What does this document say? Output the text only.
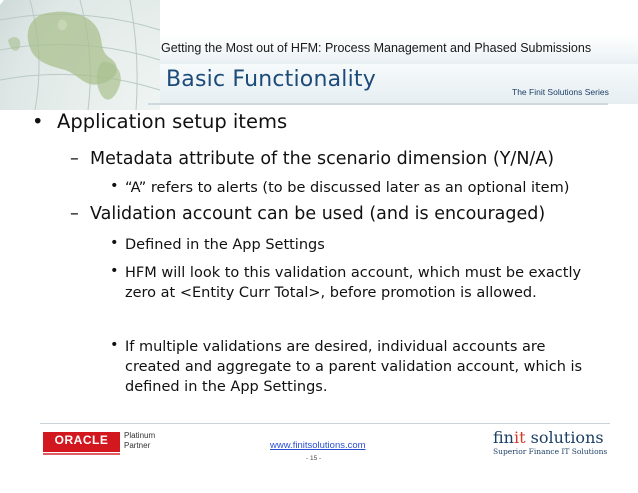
Getting the Most out of HFM: Process Management and Phased Submissions
Basic Functionality	The Finit Solutions Series
• Application setup items
– Metadata attribute of the scenario dimension (Y/N/A)
• “A” refers to alerts (to be discussed later as an optional item)
– Validation account can be used (and is encouraged)
• Defined in the App Settings
• HFM will look to this validation account, which must be exactly zero at <Entity Curr Total>, before promotion is allowed.
• If multiple validations are desired, individual accounts are created and aggregate to a parent validation account, which is defined in the App Settings.
ORACLE	Platinum
Partner	www.finitsolutions.com
- 15 -
finit solutions
Superior Finance IT Solutions
